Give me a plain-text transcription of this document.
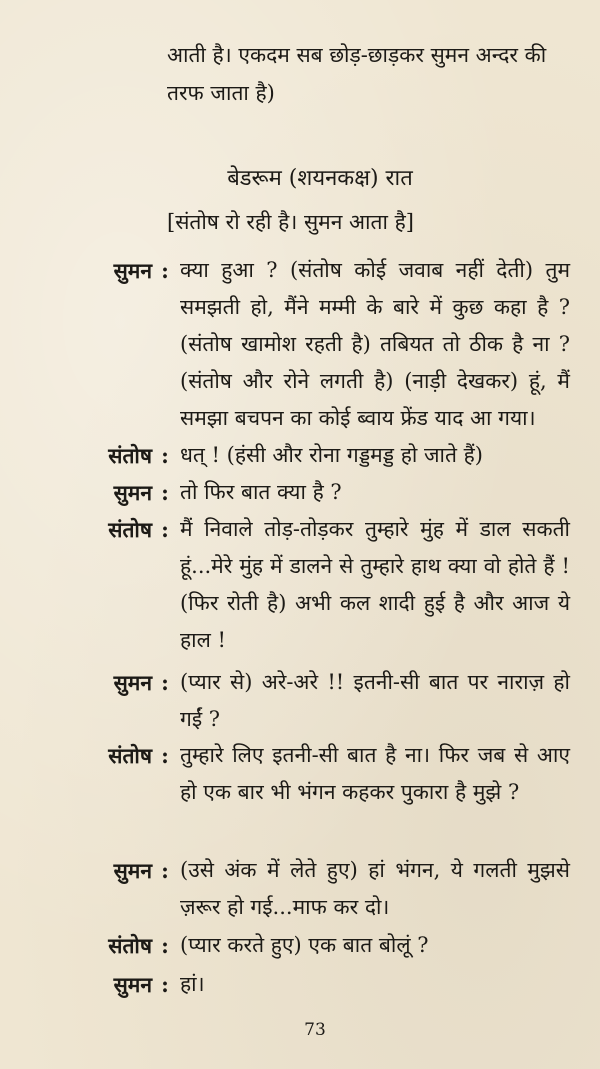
आती है। एकदम सब छोड़-छाड़कर सुमन अन्दर की तरफ जाता है)
बेडरूम (शयनकक्ष) रात
[संतोष रो रही है। सुमन आता है]
सुमन : क्या हुआ ? (संतोष कोई जवाब नहीं देती) तुम समझती हो, मैंने मम्मी के बारे में कुछ कहा है ? (संतोष खामोश रहती है) तबियत तो ठीक है ना ? (संतोष और रोने लगती है) (नाड़ी देखकर) हूं, मैं समझा बचपन का कोई ब्वाय फ्रेंड याद आ गया।
संतोष : धत् ! (हंसी और रोना गड्डमड्ड हो जाते हैं)
सुमन : तो फिर बात क्या है ?
संतोष : मैं निवाले तोड़-तोड़कर तुम्हारे मुंह में डाल सकती हूं...मेरे मुंह में डालने से तुम्हारे हाथ क्या वो होते हैं ! (फिर रोती है) अभी कल शादी हुई है और आज ये हाल !
सुमन : (प्यार से) अरे-अरे !! इतनी-सी बात पर नाराज़ हो गईं ?
संतोष : तुम्हारे लिए इतनी-सी बात है ना। फिर जब से आए हो एक बार भी भंगन कहकर पुकारा है मुझे ?
सुमन : (उसे अंक में लेते हुए) हां भंगन, ये गलती मुझसे ज़रूर हो गई...माफ कर दो।
संतोष : (प्यार करते हुए) एक बात बोलूं ?
सुमन : हां।
73
